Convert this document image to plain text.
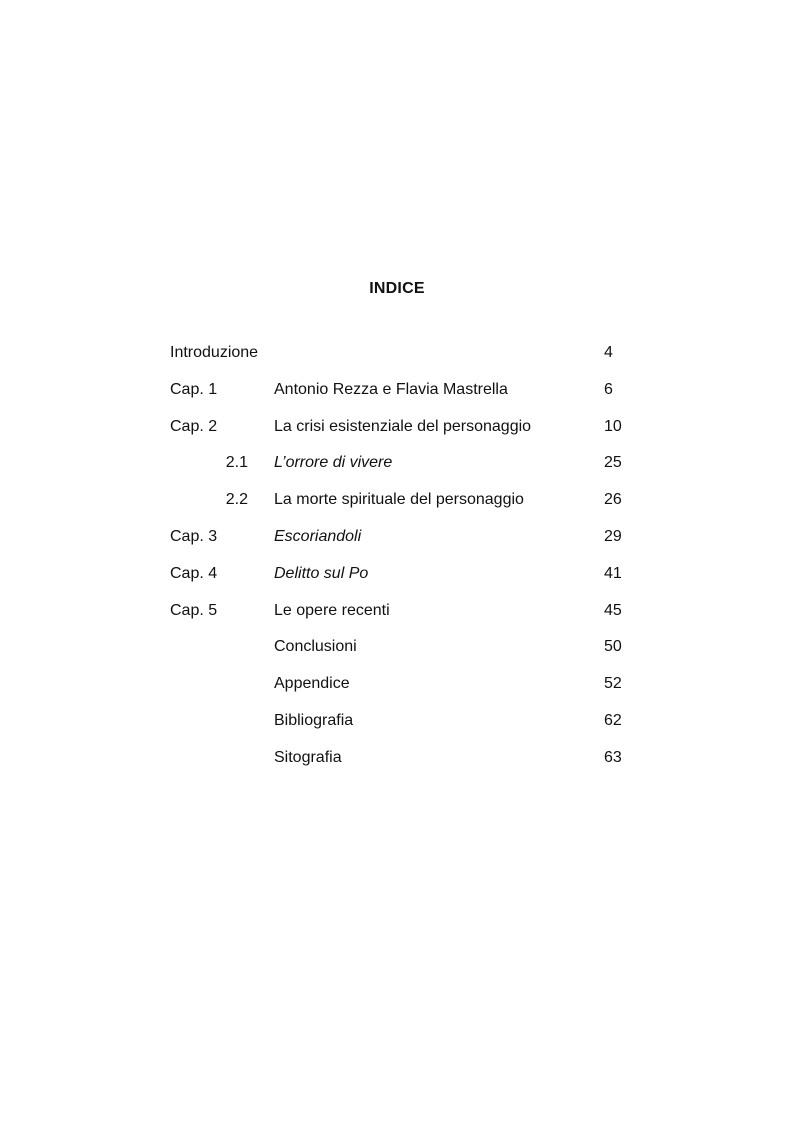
INDICE
Introduzione	4
Cap. 1	Antonio Rezza e Flavia Mastrella	6
Cap. 2	La crisi esistenziale del personaggio	10
2.1 L’orrore di vivere	25
2.2 La morte spirituale del personaggio	26
Cap. 3	Escoriandoli	29
Cap. 4	Delitto sul Po	41
Cap. 5	Le opere recenti	45
Conclusioni	50
Appendice	52
Bibliografia	62
Sitografia	63
